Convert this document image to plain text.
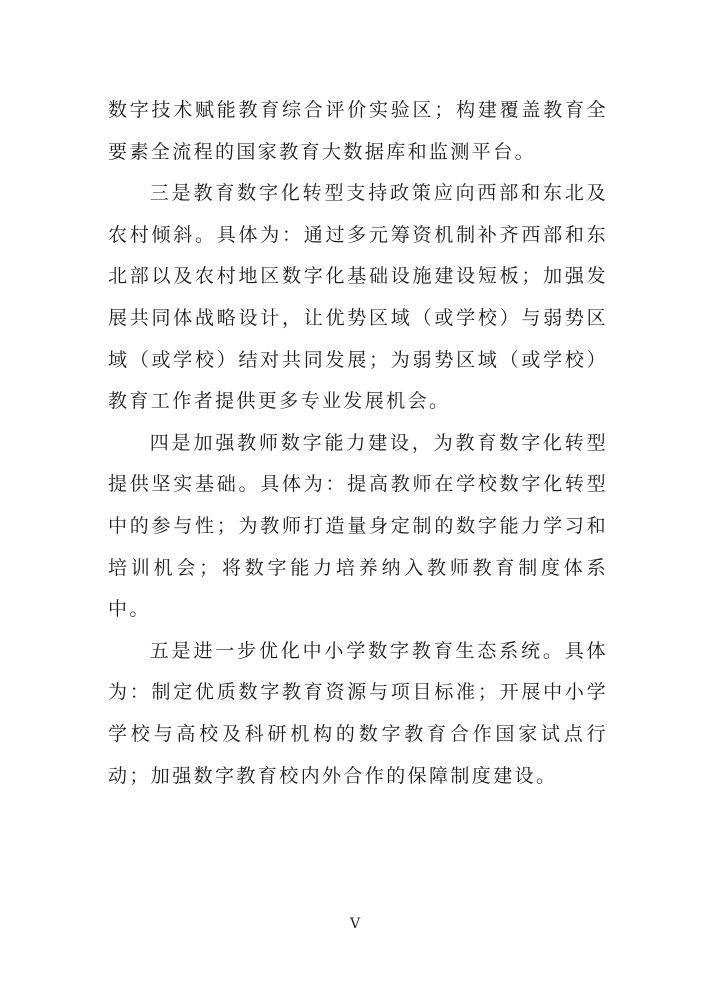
数字技术赋能教育综合评价实验区；构建覆盖教育全要素全流程的国家教育大数据库和监测平台。

三是教育数字化转型支持政策应向西部和东北及农村倾斜。具体为：通过多元筹资机制补齐西部和东北部以及农村地区数字化基础设施建设短板；加强发展共同体战略设计，让优势区域（或学校）与弱势区域（或学校）结对共同发展；为弱势区域（或学校）教育工作者提供更多专业发展机会。

四是加强教师数字能力建设，为教育数字化转型提供坚实基础。具体为：提高教师在学校数字化转型中的参与性；为教师打造量身定制的数字能力学习和培训机会；将数字能力培养纳入教师教育制度体系中。

五是进一步优化中小学数字教育生态系统。具体为：制定优质数字教育资源与项目标准；开展中小学学校与高校及科研机构的数字教育合作国家试点行动；加强数字教育校内外合作的保障制度建设。

V
